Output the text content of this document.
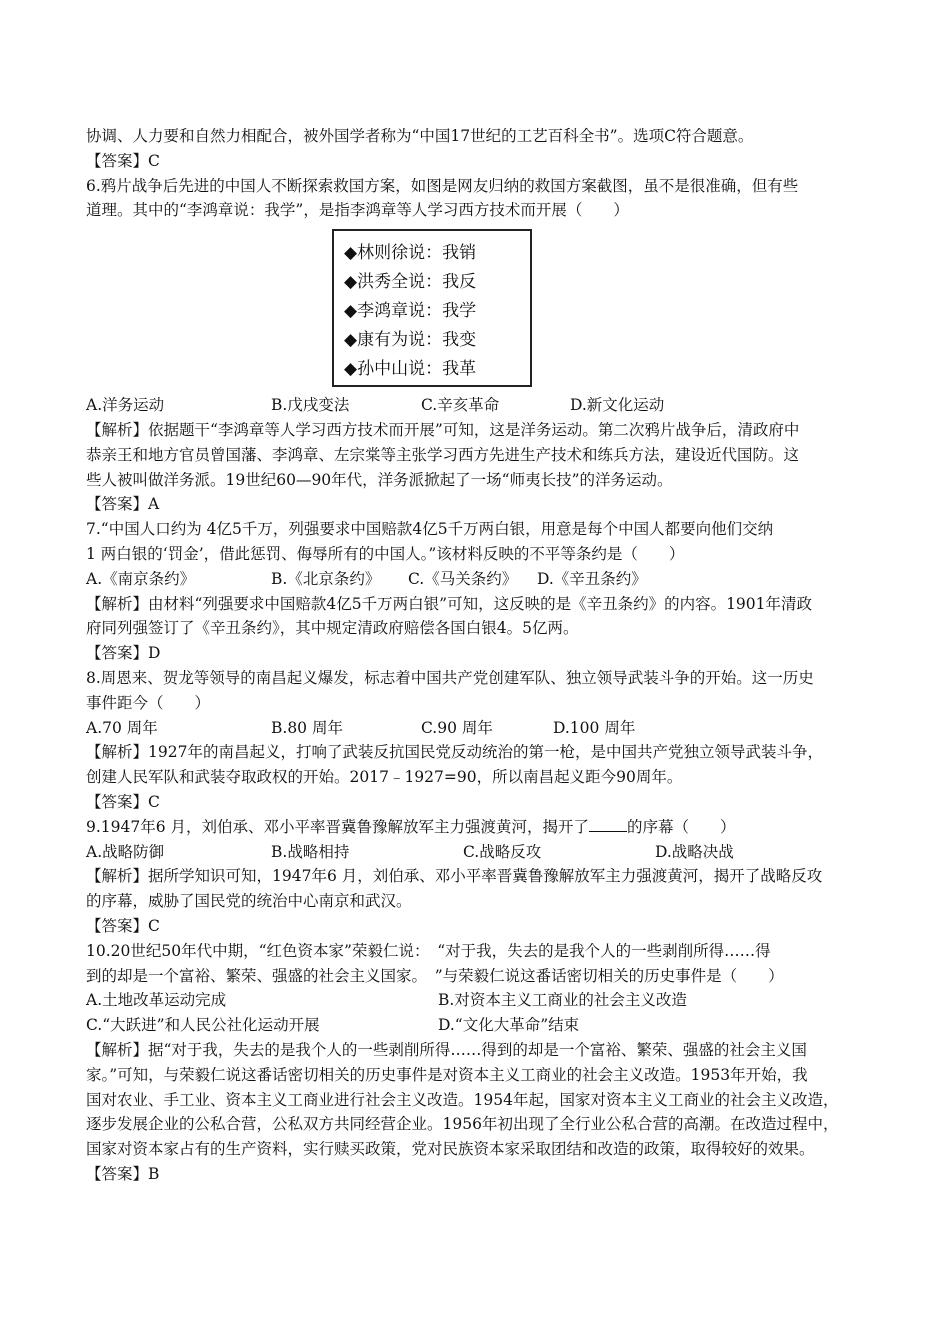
协调、人力要和自然力相配合，被外国学者称为“中国17世纪的工艺百科全书”。选项C符合题意。
【答案】C
6.鸦片战争后先进的中国人不断探索救国方案，如图是网友归纳的救国方案截图，虽不是很准确，但有些
道理。其中的“李鸿章说：我学”，是指李鸿章等人学习西方技术而开展（　　）
◆林则徐说：我销
◆洪秀全说：我反
◆李鸿章说：我学
◆康有为说：我变
◆孙中山说：我革
A.洋务运动	B.戊戌变法	C.辛亥革命	D.新文化运动
【解析】依据题干“李鸿章等人学习西方技术而开展”可知，这是洋务运动。第二次鸦片战争后，清政府中
恭亲王和地方官员曾国藩、李鸿章、左宗棠等主张学习西方先进生产技术和练兵方法，建设近代国防。这
些人被叫做洋务派。19世纪60—90年代，洋务派掀起了一场“师夷长技”的洋务运动。
【答案】A
7.“中国人口约为 4亿5千万，列强要求中国赔款4亿5千万两白银，用意是每个中国人都要向他们交纳
1 两白银的‘罚金’，借此惩罚、侮辱所有的中国人。”该材料反映的不平等条约是（　　）
A.《南京条约》	B.《北京条约》 C.《马关条约》 D.《辛丑条约》
【解析】由材料“列强要求中国赔款4亿5千万两白银”可知，这反映的是《辛丑条约》的内容。1901年清政
府同列强签订了《辛丑条约》，其中规定清政府赔偿各国白银4。5亿两。
【答案】D
8.周恩来、贺龙等领导的南昌起义爆发，标志着中国共产党创建军队、独立领导武装斗争的开始。这一历史
事件距今（　　）
A.70 周年	B.80 周年	C.90 周年	D.100 周年
【解析】1927年的南昌起义，打响了武装反抗国民党反动统治的第一枪，是中国共产党独立领导武装斗争，
创建人民军队和武装夺取政权的开始。2017﹣1927=90，所以南昌起义距今90周年。
【答案】C
9.1947年6 月，刘伯承、邓小平率晋冀鲁豫解放军主力强渡黄河，揭开了 的序幕（　　）
A.战略防御	B.战略相持	C.战略反攻	D.战略决战
【解析】据所学知识可知，1947年6 月，刘伯承、邓小平率晋冀鲁豫解放军主力强渡黄河，揭开了战略反攻
的序幕，威胁了国民党的统治中心南京和武汉。
【答案】C
10.20世纪50年代中期，“红色资本家”荣毅仁说：　“对于我，失去的是我个人的一些剥削所得……得
到的却是一个富裕、繁荣、强盛的社会主义国家。　”与荣毅仁说这番话密切相关的历史事件是（　　）
A.土地改革运动完成	B.对资本主义工商业的社会主义改造
C.“大跃进”和人民公社化运动开展	D.“文化大革命”结束
【解析】据“对于我，失去的是我个人的一些剥削所得……得到的却是一个富裕、繁荣、强盛的社会主义国
家。”可知，与荣毅仁说这番话密切相关的历史事件是对资本主义工商业的社会主义改造。1953年开始，我
国对农业、手工业、资本主义工商业进行社会主义改造。1954年起，国家对资本主义工商业的社会主义改造，
逐步发展企业的公私合营，公私双方共同经营企业。1956年初出现了全行业公私合营的高潮。在改造过程中，
国家对资本家占有的生产资料，实行赎买政策，党对民族资本家采取团结和改造的政策，取得较好的效果。
【答案】B
